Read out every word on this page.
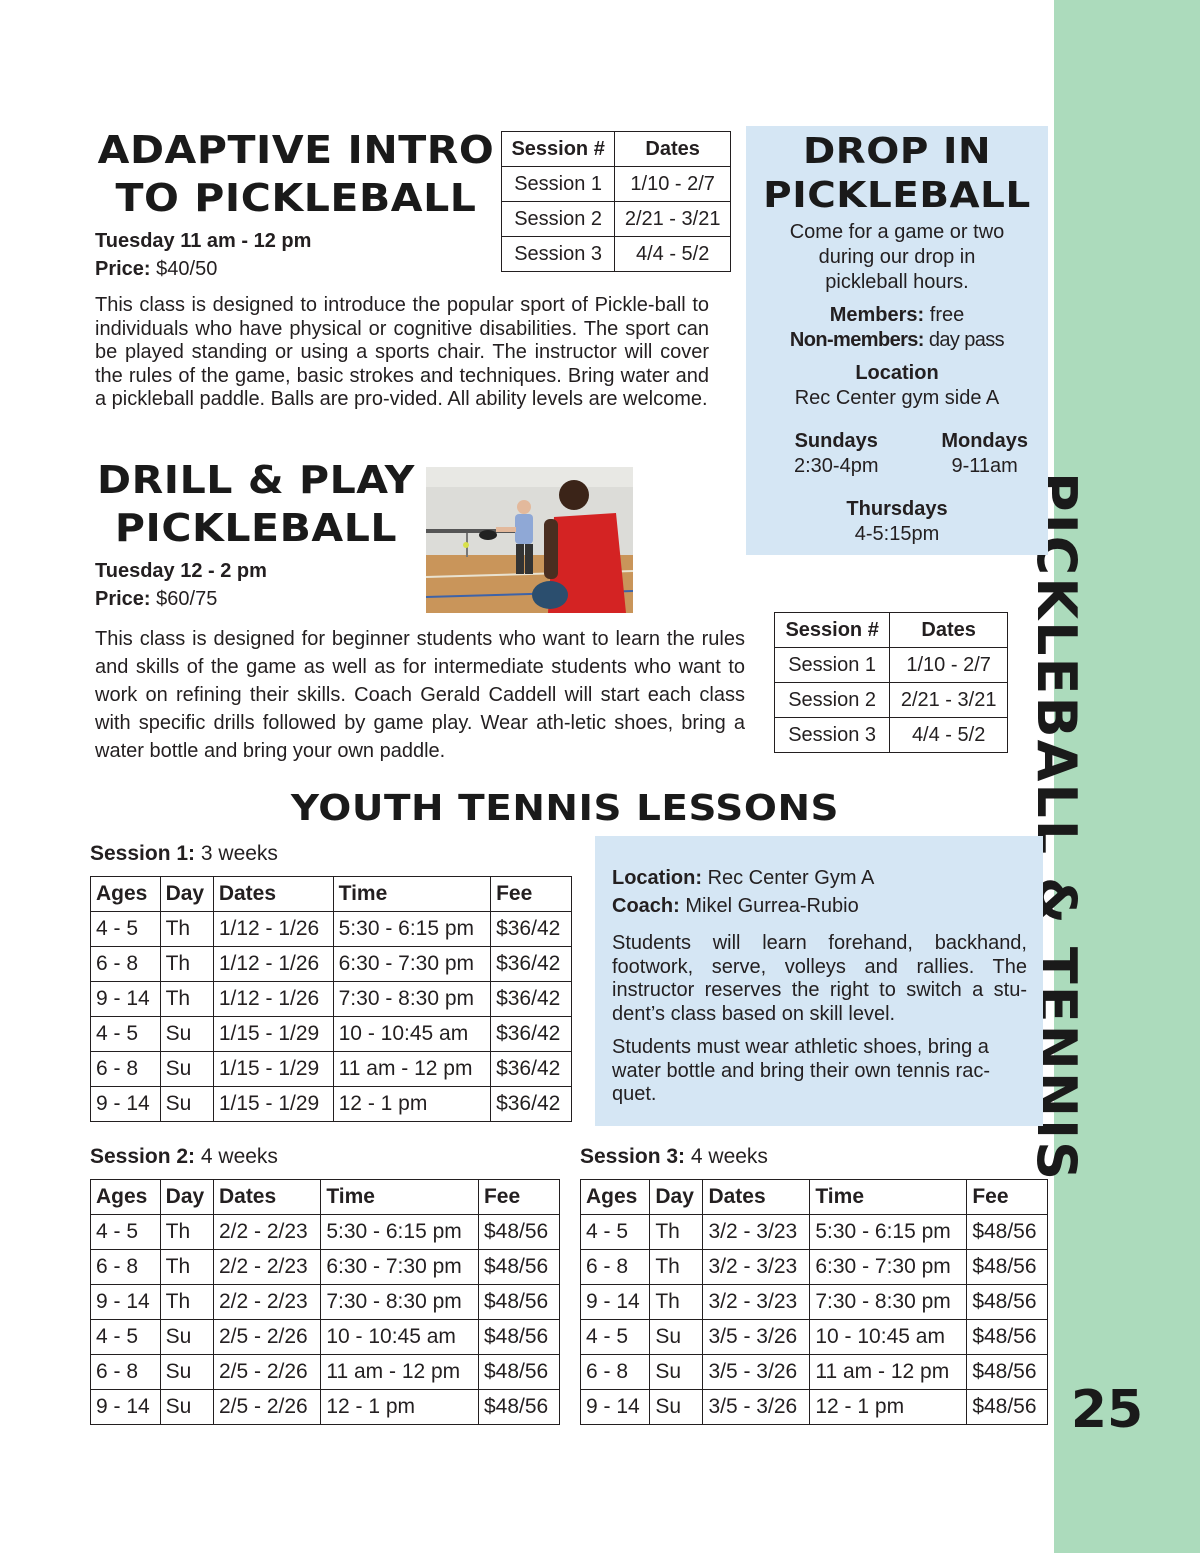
25

ADAPTIVE INTRO

TO PICKLEBALL

Tuesday 11 am - 12 pm
Price: $40/50
Session #	Dates
Session 1	1/10 - 2/7
Session 2	2/21 - 3/21
Session 3	4/4 - 5/2

This class is designed to introduce the popular sport of Pickle-ball to individuals who have physical or cognitive disabilities. The sport can be played standing or using a sports chair. The instructor will cover the rules of the game, basic strokes and techniques. Bring water and a pickleball paddle. Balls are pro-vided. All ability levels are welcome.

DROP IN

PICKLEBALL

Come for a game or two
during our drop in
pickleball hours.
Members: free
Non-members: day pass
Location
Rec Center gym side A
Sundays
2:30-4pm
Mondays
9-11am
Thursdays
4-5:15pm

DRILL & PLAY

PICKLEBALL

Tuesday 12 - 2 pm
Price: $60/75

This class is designed for beginner students who want to learn the rules and skills of the game as well as for intermediate students who want to work on refining their skills. Coach Gerald Caddell will start each class with specific drills followed by game play. Wear ath-letic shoes, bring a water bottle and bring your own paddle.

Session #	Dates
Session 1	1/10 - 2/7
Session 2	2/21 - 3/21
Session 3	4/4 - 5/2
YOUTH TENNIS LESSONS
Session 1: 3 weeks
Ages	Day	Dates	Time	Fee
4 - 5	Th	1/12 - 1/26	5:30 - 6:15 pm	$36/42
6 - 8	Th	1/12 - 1/26	6:30 - 7:30 pm	$36/42
9 - 14	Th	1/12 - 1/26	7:30 - 8:30 pm	$36/42
4 - 5	Su	1/15 - 1/29	10 - 10:45 am	$36/42
6 - 8	Su	1/15 - 1/29	11 am - 12 pm	$36/42
9 - 14	Su	1/15 - 1/29	12 - 1 pm	$36/42
Location: Rec Center Gym A
Coach: Mikel Gurrea-Rubio

Students will learn forehand, backhand, footwork, serve, volleys and rallies. The instructor reserves the right to switch a stu-dent’s class based on skill level.

Students must wear athletic shoes, bring a water bottle and bring their own tennis rac-quet.

Session 2: 4 weeks
Ages	Day	Dates	Time	Fee
4 - 5	Th	2/2 - 2/23	5:30 - 6:15 pm	$48/56
6 - 8	Th	2/2 - 2/23	6:30 - 7:30 pm	$48/56
9 - 14	Th	2/2 - 2/23	7:30 - 8:30 pm	$48/56
4 - 5	Su	2/5 - 2/26	10 - 10:45 am	$48/56
6 - 8	Su	2/5 - 2/26	11 am - 12 pm	$48/56
9 - 14	Su	2/5 - 2/26	12 - 1 pm	$48/56
Session 3: 4 weeks
Ages	Day	Dates	Time	Fee
4 - 5	Th	3/2 - 3/23	5:30 - 6:15 pm	$48/56
6 - 8	Th	3/2 - 3/23	6:30 - 7:30 pm	$48/56
9 - 14	Th	3/2 - 3/23	7:30 - 8:30 pm	$48/56
4 - 5	Su	3/5 - 3/26	10 - 10:45 am	$48/56
6 - 8	Su	3/5 - 3/26	11 am - 12 pm	$48/56
9 - 14	Su	3/5 - 3/26	12 - 1 pm	$48/56
